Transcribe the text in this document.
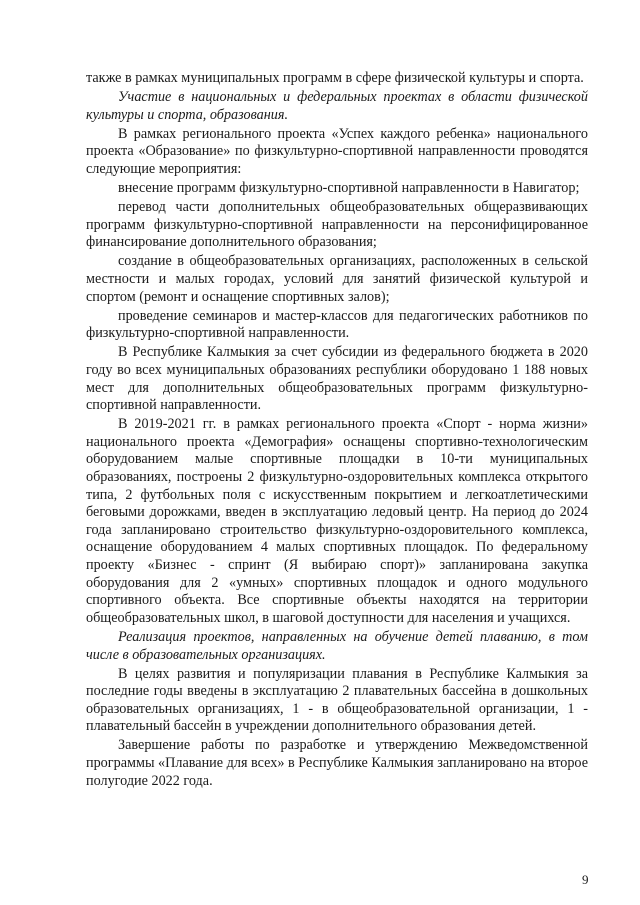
также в рамках муниципальных программ в сфере физической культуры и спорта.

Участие в национальных и федеральных проектах в области физической культуры и спорта, образования.

В рамках регионального проекта «Успех каждого ребенка» национального проекта «Образование» по физкультурно-спортивной направленности проводятся следующие мероприятия:

внесение программ физкультурно-спортивной направленности в Навигатор;

перевод части дополнительных общеобразовательных общеразвивающих программ физкультурно-спортивной направленности на персонифицированное финансирование дополнительного образования;

создание в общеобразовательных организациях, расположенных в сельской местности и малых городах, условий для занятий физической культурой и спортом (ремонт и оснащение спортивных залов);

проведение семинаров и мастер-классов для педагогических работников по физкультурно-спортивной направленности.

В Республике Калмыкия за счет субсидии из федерального бюджета в 2020 году во всех муниципальных образованиях республики оборудовано 1 188 новых мест для дополнительных общеобразовательных программ физкультурно-спортивной направленности.

В 2019-2021 гг. в рамках регионального проекта «Спорт - норма жизни» национального проекта «Демография» оснащены спортивно-технологическим оборудованием малые спортивные площадки в 10-ти муниципальных образованиях, построены 2 физкультурно-оздоровительных комплекса открытого типа, 2 футбольных поля с искусственным покрытием и легкоатлетическими беговыми дорожками, введен в эксплуатацию ледовый центр. На период до 2024 года запланировано строительство физкультурно-оздоровительного комплекса, оснащение оборудованием 4 малых спортивных площадок. По федеральному проекту «Бизнес - спринт (Я выбираю спорт)» запланирована закупка оборудования для 2 «умных» спортивных площадок и одного модульного спортивного объекта. Все спортивные объекты находятся на территории общеобразовательных школ, в шаговой доступности для населения и учащихся.

Реализация проектов, направленных на обучение детей плаванию, в том числе в образовательных организациях.

В целях развития и популяризации плавания в Республике Калмыкия за последние годы введены в эксплуатацию 2 плавательных бассейна в дошкольных образовательных организациях, 1 - в общеобразовательной организации, 1 - плавательный бассейн в учреждении дополнительного образования детей.

Завершение работы по разработке и утверждению Межведомственной программы «Плавание для всех» в Республике Калмыкия запланировано на второе полугодие 2022 года.

9
